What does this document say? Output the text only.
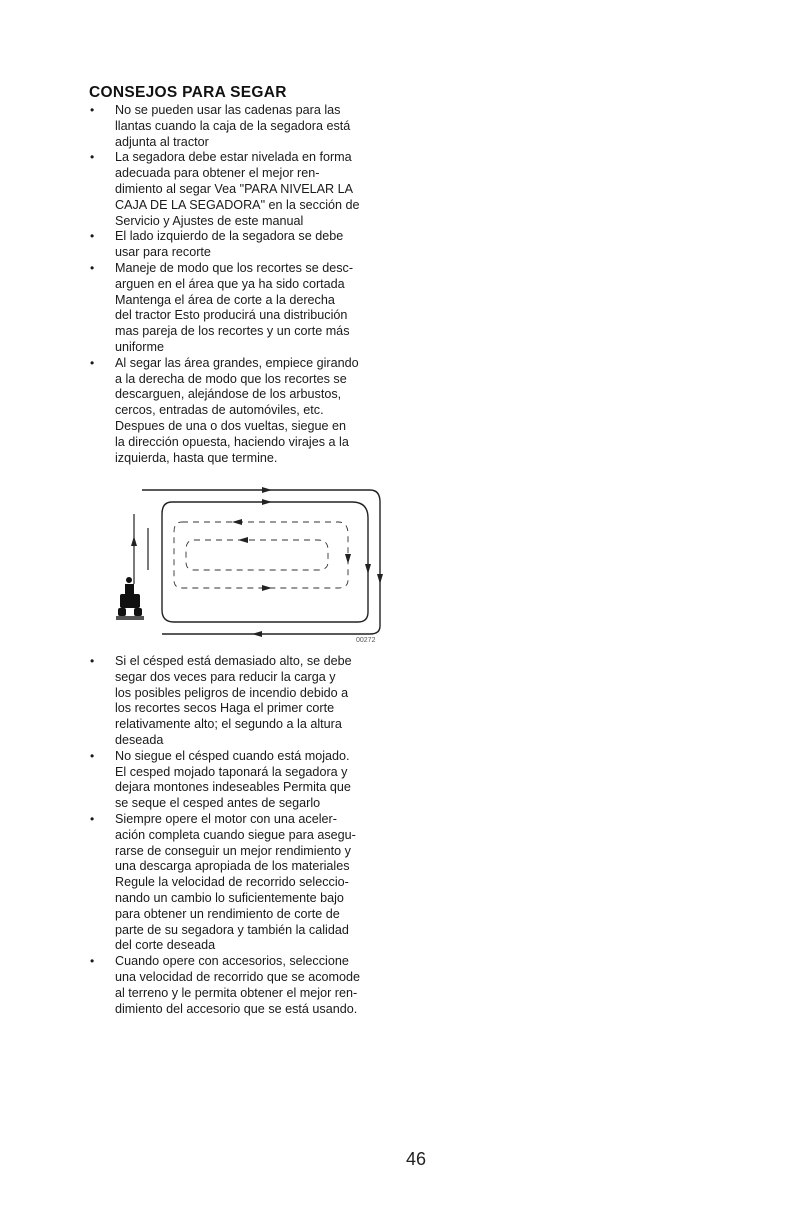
CONSEJOS PARA SEGAR
• No se pueden usar las cadenas para las
llantas cuando la caja de la segadora está
adjunta al tractor
• La segadora debe estar nivelada en forma
adecuada para obtener el mejor ren-
dimiento al segar Vea "PARA NIVELAR LA
CAJA DE LA SEGADORA" en la sección de
Servicio y Ajustes de este manual
• El lado izquierdo de la segadora se debe
usar para recorte
• Maneje de modo que los recortes se desc-
arguen en el área que ya ha sido cortada
Mantenga el área de corte a la derecha
del tractor Esto producirá una distribución
mas pareja de los recortes y un corte más
uniforme
• Al segar las área grandes, empiece girando
a la derecha de modo que los recortes se
descarguen, alejándose de los arbustos,
cercos, entradas de automóviles, etc.
Despues de una o dos vueltas, siegue en
la dirección opuesta, haciendo virajes a la
izquierda, hasta que termine.
00272
• Si el césped está demasiado alto, se debe
segar dos veces para reducir la carga y
los posibles peligros de incendio debido a
los recortes secos Haga el primer corte
relativamente alto; el segundo a la altura
deseada
• No siegue el césped cuando está mojado.
El cesped mojado taponará la segadora y
dejara montones indeseables Permita que
se seque el cesped antes de segarlo
• Siempre opere el motor con una aceler-
ación completa cuando siegue para asegu-
rarse de conseguir un mejor rendimiento y
una descarga apropiada de los materiales
Regule la velocidad de recorrido seleccio-
nando un cambio lo suficientemente bajo
para obtener un rendimiento de corte de
parte de su segadora y también la calidad
del corte deseada
• Cuando opere con accesorios, seleccione
una velocidad de recorrido que se acomode
al terreno y le permita obtener el mejor ren-
dimiento del accesorio que se está usando.
46
